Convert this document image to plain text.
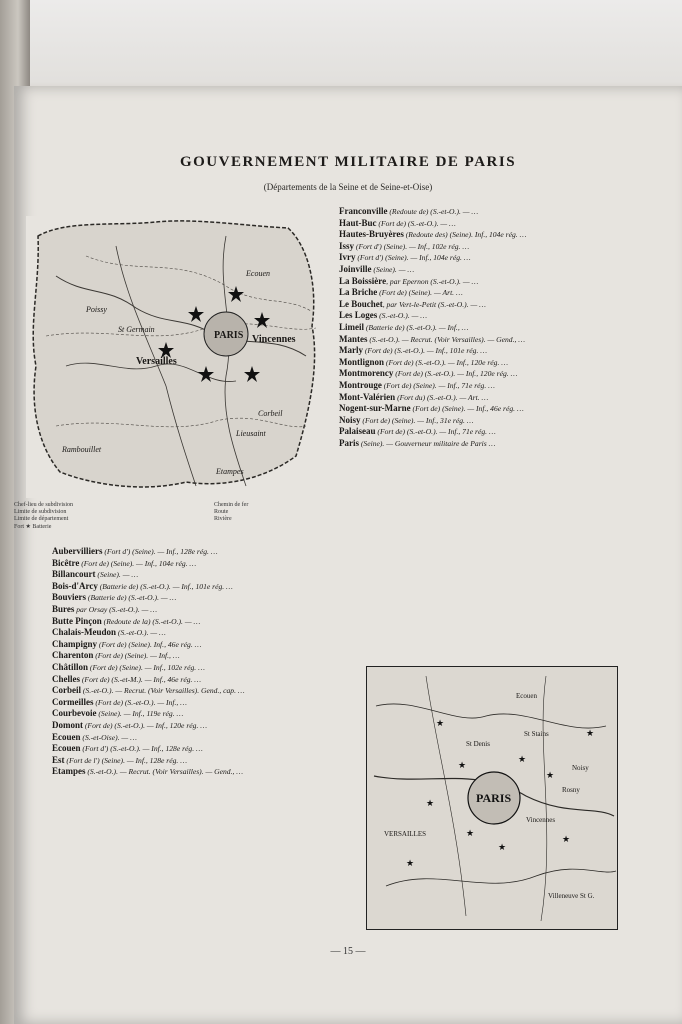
GOUVERNEMENT MILITAIRE DE PARIS
(Départements de la Seine et de Seine-et-Oise)
PARIS
Versailles
Vincennes
St Germain
Rambouillet
Etampes
Ecouen
Poissy
Corbeil
Lieusaint
Chef-lieu de subdivision
Limite de subdivision
Limite de département
Fort ★ Batterie
Chemin de fer
Route
Rivière

Aubervilliers (Fort d') (Seine). — Inf., 128e rég. …

Bicêtre (Fort de) (Seine). — Inf., 104e rég. …

Billancourt (Seine). — …

Bois-d'Arcy (Batterie de) (S.-et-O.). — Inf., 101e rég. …

Bouviers (Batterie de) (S.-et-O.). — …

Bures par Orsay (S.-et-O.). — …

Butte Pinçon (Redoute de la) (S.-et-O.). — …

Chalais-Meudon (S.-et-O.). — …

Champigny (Fort de) (Seine). Inf., 46e rég. …

Charenton (Fort de) (Seine). — Inf., …

Châtillon (Fort de) (Seine). — Inf., 102e rég. …

Chelles (Fort de) (S.-et-M.). — Inf., 46e rég. …

Corbeil (S.-et-O.). — Recrut. (Voir Versailles). Gend., cap. …

Cormeilles (Fort de) (S.-et-O.). — Inf., …

Courbevoie (Seine). — Inf., 119e rég. …

Domont (Fort de) (S.-et-O.). — Inf., 120e rég. …

Ecouen (S.-et-Oise). — …

Ecouen (Fort d') (S.-et-O.). — Inf., 128e rég. …

Est (Fort de l') (Seine). — Inf., 128e rég. …

Etampes (S.-et-O.). — Recrut. (Voir Versailles). — Gend., …

Franconville (Redoute de) (S.-et-O.). — …

Haut-Buc (Fort de) (S.-et-O.). — …

Hautes-Bruyères (Redoute des) (Seine). Inf., 104e rég. …

Issy (Fort d') (Seine). — Inf., 102e rég. …

Ivry (Fort d') (Seine). — Inf., 104e rég. …

Joinville (Seine). — …

La Boissière, par Epernon (S.-et-O.). — …

La Briche (Fort de) (Seine). — Art. …

Le Bouchet, par Vert-le-Petit (S.-et-O.). — …

Les Loges (S.-et-O.). — …

Limeil (Batterie de) (S.-et-O.). — Inf., …

Mantes (S.-et-O.). — Recrut. (Voir Versailles). — Gend., …

Marly (Fort de) (S.-et-O.). — Inf., 101e rég. …

Montlignon (Fort de) (S.-et-O.). — Inf., 120e rég. …

Montmorency (Fort de) (S.-et-O.). — Inf., 120e rég. …

Montrouge (Fort de) (Seine). — Inf., 71e rég. …

Mont-Valérien (Fort du) (S.-et-O.). — Art. …

Nogent-sur-Marne (Fort de) (Seine). — Inf., 46e rég. …

Noisy (Fort de) (Seine). — Inf., 31e rég. …

Palaiseau (Fort de) (S.-et-O.). — Inf., 71e rég. …

Paris (Seine). — Gouverneur militaire de Paris …

PARIS
VERSAILLES
Ecouen
St Stains
St Denis
Rosny
Vincennes
Noisy
Villeneuve St G.
★
★
★
★
★
★
★
★
★
★
— 15 —
